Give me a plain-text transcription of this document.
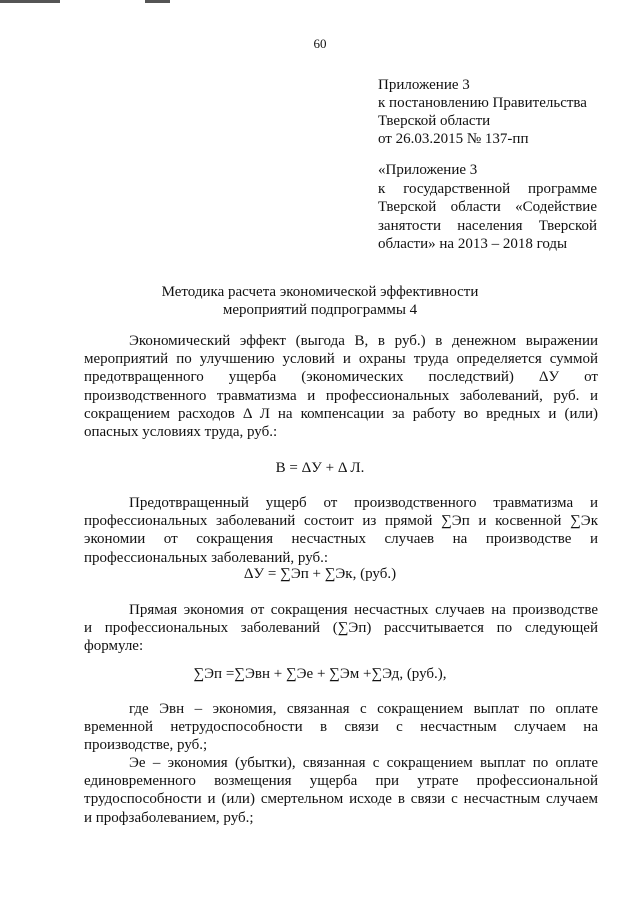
60
Приложение 3
к постановлению Правительства
Тверской области
от 26.03.2015 № 137-пп
«Приложение 3
к государственной программе
Тверской области «Содействие
занятости населения Тверской
области» на 2013 – 2018 годы
Методика расчета экономической эффективности
мероприятий подпрограммы 4
Экономический эффект (выгода В, в руб.) в денежном выражении
мероприятий по улучшению условий и охраны труда определяется суммой
предотвращенного ущерба (экономических последствий) ΔУ от
производственного травматизма и профессиональных заболеваний, руб. и
сокращением расходов Δ Л на компенсации за работу во вредных и (или)
опасных условиях труда, руб.:
В = ΔУ + Δ Л.
Предотвращенный ущерб от производственного травматизма и
профессиональных заболеваний состоит из прямой ∑Эп и косвенной ∑Эк
экономии от сокращения несчастных случаев на производстве и
профессиональных заболеваний, руб.:
ΔУ = ∑Эп + ∑Эк, (руб.)
Прямая экономия от сокращения несчастных случаев на производстве
и профессиональных заболеваний (∑Эп) рассчитывается по следующей
формуле:
∑Эп =∑Эвн + ∑Эе + ∑Эм +∑Эд, (руб.),
где Эвн – экономия, связанная с сокращением выплат по оплате
временной нетрудоспособности в связи с несчастным случаем на
производстве, руб.;
Эе – экономия (убытки), связанная с сокращением выплат по оплате
единовременного возмещения ущерба при утрате профессиональной
трудоспособности и (или) смертельном исходе в связи с несчастным случаем
и профзаболеванием, руб.;
